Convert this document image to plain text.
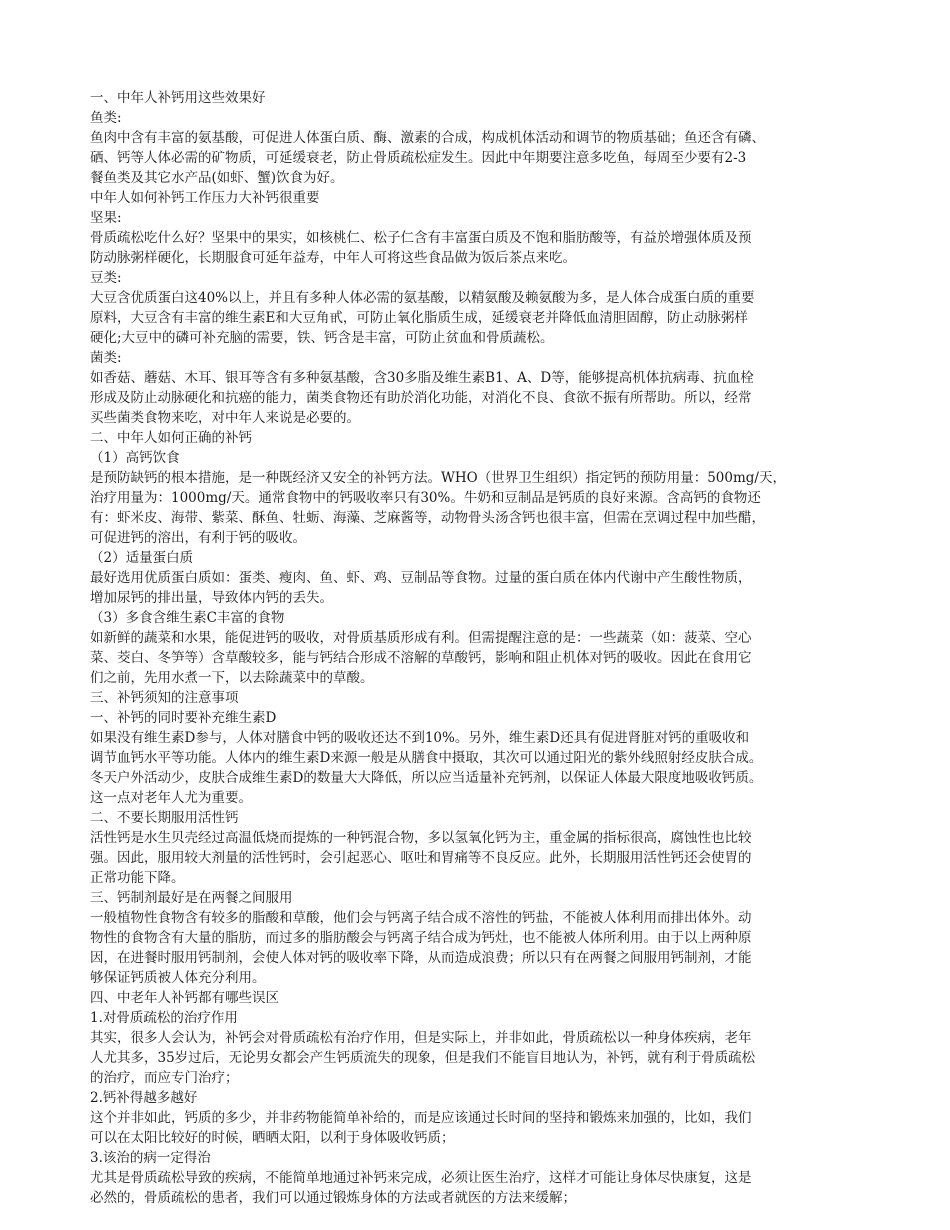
一、中年人补钙用这些效果好
鱼类:
鱼肉中含有丰富的氨基酸，可促进人体蛋白质、酶、激素的合成，构成机体活动和调节的物质基础；鱼还含有磷、
硒、钙等人体必需的矿物质，可延缓衰老，防止骨质疏松症发生。因此中年期要注意多吃鱼，每周至少要有2-3
餐鱼类及其它水产品(如虾、蟹)饮食为好。
中年人如何补钙工作压力大补钙很重要
坚果:
骨质疏松吃什么好？坚果中的果实，如核桃仁、松子仁含有丰富蛋白质及不饱和脂肪酸等，有益於增强体质及预
防动脉粥样硬化，长期服食可延年益寿，中年人可将这些食品做为饭后茶点来吃。
豆类:
大豆含优质蛋白这40%以上，并且有多种人体必需的氨基酸，以精氨酸及赖氨酸为多，是人体合成蛋白质的重要
原料，大豆含有丰富的维生素E和大豆角甙，可防止氧化脂质生成，延缓衰老并降低血清胆固醇，防止动脉粥样
硬化;大豆中的磷可补充脑的需要，铁、钙含是丰富，可防止贫血和骨质蔬松。
菌类:
如香菇、蘑菇、木耳、银耳等含有多种氨基酸，含30多脂及维生素B1、A、D等，能够提高机体抗病毒、抗血栓
形成及防止动脉硬化和抗癌的能力，菌类食物还有助於消化功能，对消化不良、食欲不振有所帮助。所以，经常
买些菌类食物来吃，对中年人来说是必要的。
二、中年人如何正确的补钙
（1）高钙饮食
是预防缺钙的根本措施，是一种既经济又安全的补钙方法。WHO（世界卫生组织）指定钙的预防用量：500mg/天，
治疗用量为：1000mg/天。通常食物中的钙吸收率只有30%。牛奶和豆制品是钙质的良好来源。含高钙的食物还
有：虾米皮、海带、紫菜、酥鱼、牡蛎、海藻、芝麻酱等，动物骨头汤含钙也很丰富，但需在烹调过程中加些醋，
可促进钙的溶出，有利于钙的吸收。
（2）适量蛋白质
最好选用优质蛋白质如：蛋类、瘦肉、鱼、虾、鸡、豆制品等食物。过量的蛋白质在体内代谢中产生酸性物质，
增加尿钙的排出量，导致体内钙的丢失。
（3）多食含维生素C丰富的食物
如新鲜的蔬菜和水果，能促进钙的吸收，对骨质基质形成有利。但需提醒注意的是：一些蔬菜（如：菠菜、空心
菜、茭白、冬笋等）含草酸较多，能与钙结合形成不溶解的草酸钙，影响和阻止机体对钙的吸收。因此在食用它
们之前，先用水煮一下，以去除蔬菜中的草酸。
三、补钙须知的注意事项
一、补钙的同时要补充维生素D
如果没有维生素D参与，人体对膳食中钙的吸收还达不到10%。另外，维生素D还具有促进肾脏对钙的重吸收和
调节血钙水平等功能。人体内的维生素D来源一般是从膳食中摄取，其次可以通过阳光的紫外线照射经皮肤合成。
冬天户外活动少，皮肤合成维生素D的数量大大降低，所以应当适量补充钙剂，以保证人体最大限度地吸收钙质。
这一点对老年人尤为重要。
二、不要长期服用活性钙
活性钙是水生贝壳经过高温低烧而提炼的一种钙混合物，多以氢氧化钙为主，重金属的指标很高，腐蚀性也比较
强。因此，服用较大剂量的活性钙时，会引起恶心、呕吐和胃痛等不良反应。此外，长期服用活性钙还会使胃的
正常功能下降。
三、钙制剂最好是在两餐之间服用
一般植物性食物含有较多的脂酸和草酸，他们会与钙离子结合成不溶性的钙盐，不能被人体利用而排出体外。动
物性的食物含有大量的脂肪，而过多的脂肪酸会与钙离子结合成为钙灶，也不能被人体所利用。由于以上两种原
因，在进餐时服用钙制剂，会使人体对钙的吸收率下降，从而造成浪费；所以只有在两餐之间服用钙制剂，才能
够保证钙质被人体充分利用。
四、中老年人补钙都有哪些误区
1.对骨质疏松的治疗作用
其实，很多人会认为，补钙会对骨质疏松有治疗作用，但是实际上，并非如此，骨质疏松以一种身体疾病，老年
人尤其多，35岁过后，无论男女都会产生钙质流失的现象，但是我们不能盲目地认为，补钙，就有利于骨质疏松
的治疗，而应专门治疗；
2.钙补得越多越好
这个并非如此，钙质的多少，并非药物能简单补给的，而是应该通过长时间的坚持和锻炼来加强的，比如，我们
可以在太阳比较好的时候，晒晒太阳，以利于身体吸收钙质；
3.该治的病一定得治
尤其是骨质疏松导致的疾病，不能简单地通过补钙来完成，必须让医生治疗，这样才可能让身体尽快康复，这是
必然的，骨质疏松的患者，我们可以通过锻炼身体的方法或者就医的方法来缓解；
